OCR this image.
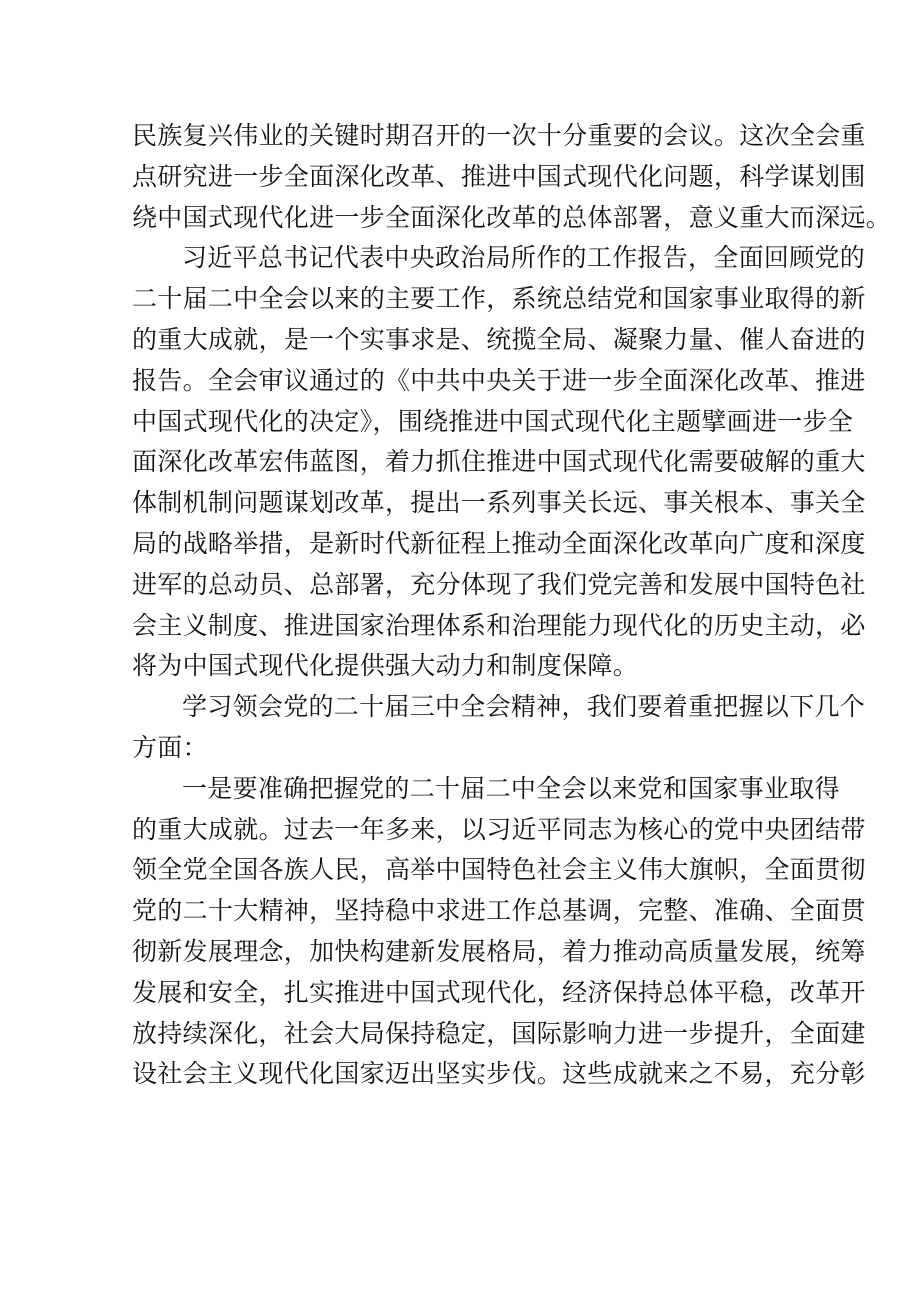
民族复兴伟业的关键时期召开的一次十分重要的会议。这次全会重
点研究进一步全面深化改革、推进中国式现代化问题，科学谋划围
绕中国式现代化进一步全面深化改革的总体部署，意义重大而深远。
习近平总书记代表中央政治局所作的工作报告，全面回顾党的
二十届二中全会以来的主要工作，系统总结党和国家事业取得的新
的重大成就，是一个实事求是、统揽全局、凝聚力量、催人奋进的
报告。全会审议通过的《中共中央关于进一步全面深化改革、推进
中国式现代化的决定》，围绕推进中国式现代化主题擘画进一步全
面深化改革宏伟蓝图，着力抓住推进中国式现代化需要破解的重大
体制机制问题谋划改革，提出一系列事关长远、事关根本、事关全
局的战略举措，是新时代新征程上推动全面深化改革向广度和深度
进军的总动员、总部署，充分体现了我们党完善和发展中国特色社
会主义制度、推进国家治理体系和治理能力现代化的历史主动，必
将为中国式现代化提供强大动力和制度保障。
学习领会党的二十届三中全会精神，我们要着重把握以下几个
方面：
一是要准确把握党的二十届二中全会以来党和国家事业取得
的重大成就。过去一年多来，以习近平同志为核心的党中央团结带
领全党全国各族人民，高举中国特色社会主义伟大旗帜，全面贯彻
党的二十大精神，坚持稳中求进工作总基调，完整、准确、全面贯
彻新发展理念，加快构建新发展格局，着力推动高质量发展，统筹
发展和安全，扎实推进中国式现代化，经济保持总体平稳，改革开
放持续深化，社会大局保持稳定，国际影响力进一步提升，全面建
设社会主义现代化国家迈出坚实步伐。这些成就来之不易，充分彰
